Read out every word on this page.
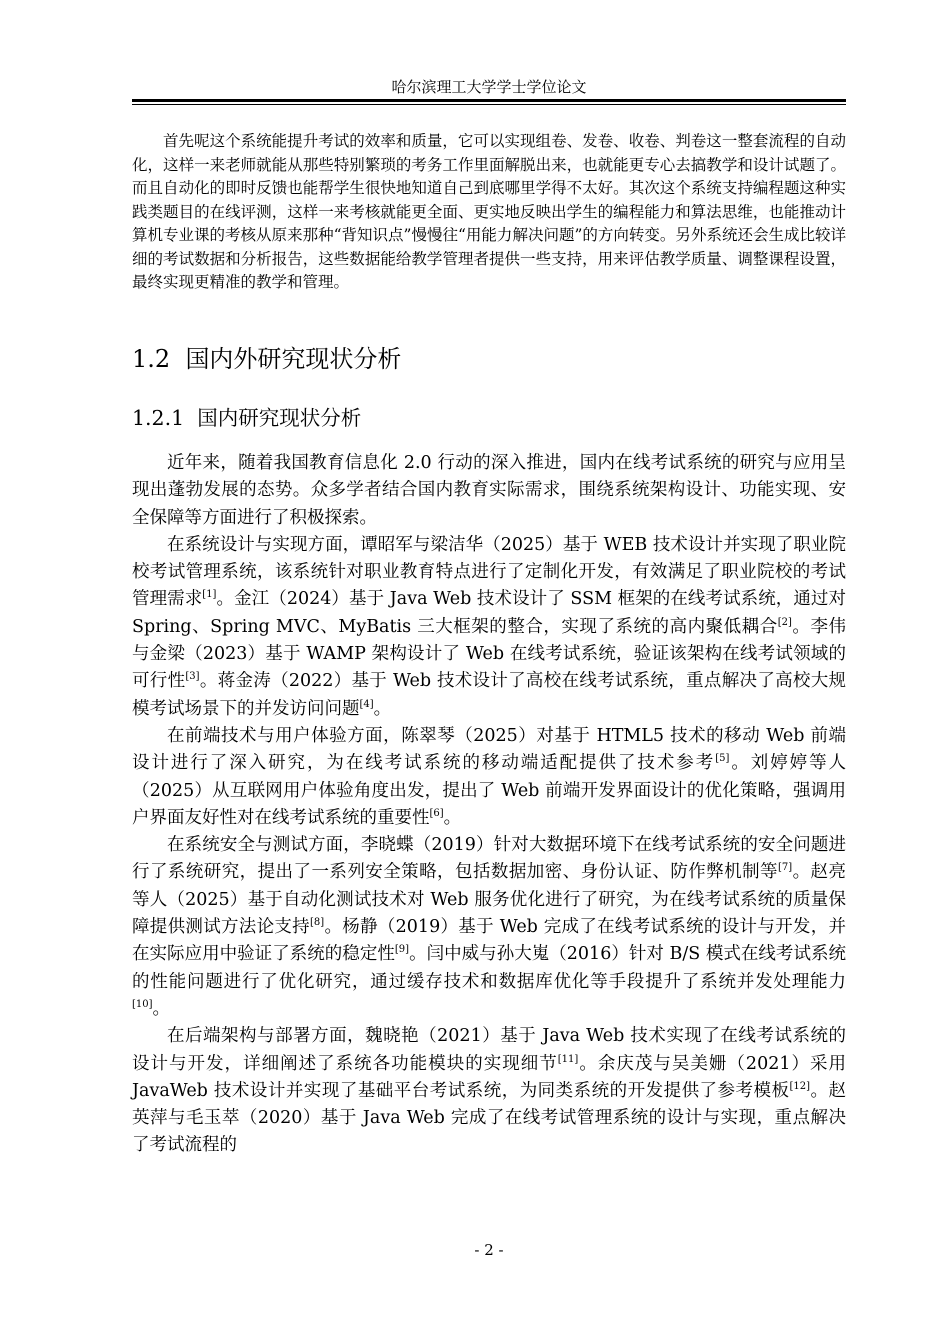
哈尔滨理工大学学士学位论文

首先呢这个系统能提升考试的效率和质量，它可以实现组卷、发卷、收卷、判卷这一整套流程的自动化，这样一来老师就能从那些特别繁琐的考务工作里面解脱出来，也就能更专心去搞教学和设计试题了。而且自动化的即时反馈也能帮学生很快地知道自己到底哪里学得不太好。其次这个系统支持编程题这种实践类题目的在线评测，这样一来考核就能更全面、更实地反映出学生的编程能力和算法思维，也能推动计算机专业课的考核从原来那种“背知识点”慢慢往“用能力解决问题”的方向转变。另外系统还会生成比较详细的考试数据和分析报告，这些数据能给教学管理者提供一些支持，用来评估教学质量、调整课程设置，最终实现更精准的教学和管理。

1.2 国内外研究现状分析
1.2.1 国内研究现状分析

近年来，随着我国教育信息化 2.0 行动的深入推进，国内在线考试系统的研究与应用呈现出蓬勃发展的态势。众多学者结合国内教育实际需求，围绕系统架构设计、功能实现、安全保障等方面进行了积极探索。

在系统设计与实现方面，谭昭军与梁洁华（2025）基于 WEB 技术设计并实现了职业院校考试管理系统，该系统针对职业教育特点进行了定制化开发，有效满足了职业院校的考试管理需求[1]。金江（2024）基于 Java Web 技术设计了 SSM 框架的在线考试系统，通过对 Spring、Spring MVC、MyBatis 三大框架的整合，实现了系统的高内聚低耦合[2]。李伟与金梁（2023）基于 WAMP 架构设计了 Web 在线考试系统，验证该架构在线考试领域的可行性[3]。蒋金涛（2022）基于 Web 技术设计了高校在线考试系统，重点解决了高校大规模考试场景下的并发访问问题[4]。

在前端技术与用户体验方面，陈翠琴（2025）对基于 HTML5 技术的移动 Web 前端设计进行了深入研究，为在线考试系统的移动端适配提供了技术参考[5]。刘婷婷等人（2025）从互联网用户体验角度出发，提出了 Web 前端开发界面设计的优化策略，强调用户界面友好性对在线考试系统的重要性[6]。

在系统安全与测试方面，李晓蝶（2019）针对大数据环境下在线考试系统的安全问题进行了系统研究，提出了一系列安全策略，包括数据加密、身份认证、防作弊机制等[7]。赵亮等人（2025）基于自动化测试技术对 Web 服务优化进行了研究，为在线考试系统的质量保障提供测试方法论支持[8]。杨静（2019）基于 Web 完成了在线考试系统的设计与开发，并在实际应用中验证了系统的稳定性[9]。闫中威与孙大嵬（2016）针对 B/S 模式在线考试系统的性能问题进行了优化研究，通过缓存技术和数据库优化等手段提升了系统并发处理能力[10]。

在后端架构与部署方面，魏晓艳（2021）基于 Java Web 技术实现了在线考试系统的设计与开发，详细阐述了系统各功能模块的实现细节[11]。余庆茂与吴美姗（2021）采用 JavaWeb 技术设计并实现了基础平台考试系统，为同类系统的开发提供了参考模板[12]。赵英萍与毛玉萃（2020）基于 Java Web 完成了在线考试管理系统的设计与实现，重点解决了考试流程的

- 2 -
